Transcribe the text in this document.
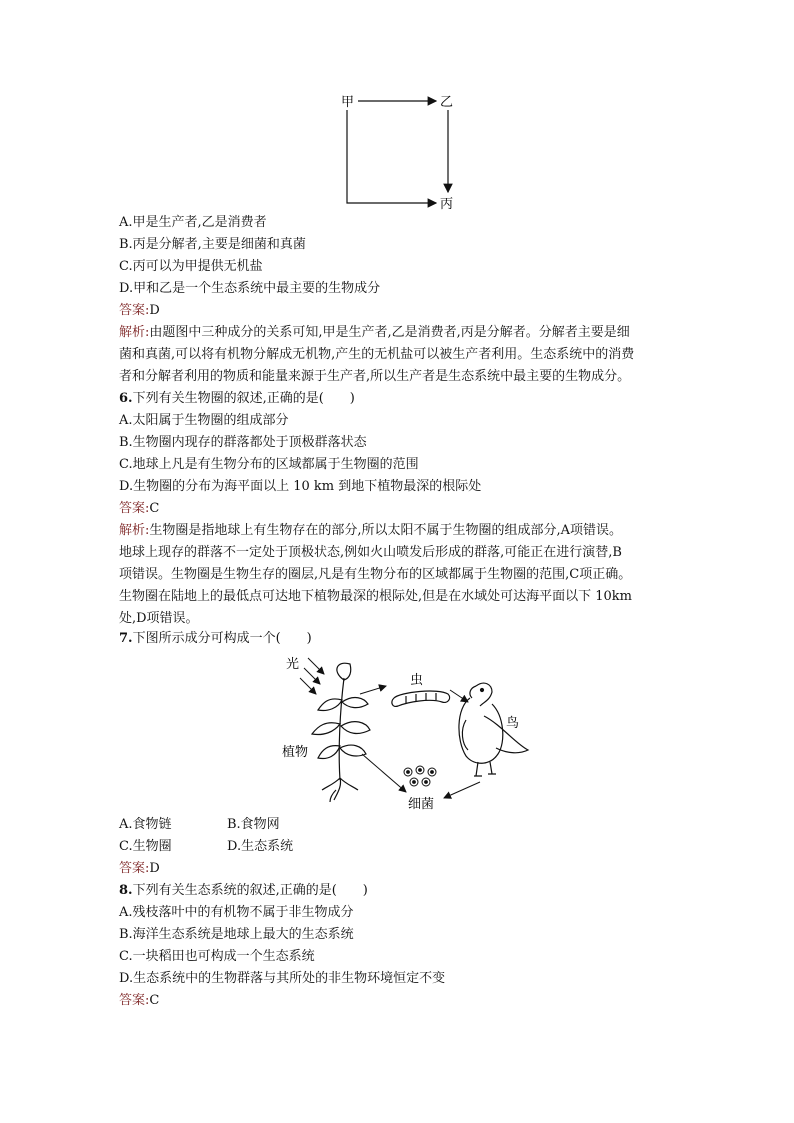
甲	乙
丙
A.甲是生产者,乙是消费者
B.丙是分解者,主要是细菌和真菌
C.丙可以为甲提供无机盐
D.甲和乙是一个生态系统中最主要的生物成分
答案:D
解析:由题图中三种成分的关系可知,甲是生产者,乙是消费者,丙是分解者。分解者主要是细
菌和真菌,可以将有机物分解成无机物,产生的无机盐可以被生产者利用。生态系统中的消费
者和分解者利用的物质和能量来源于生产者,所以生产者是生态系统中最主要的生物成分。
6.下列有关生物圈的叙述,正确的是(　　)
A.太阳属于生物圈的组成部分
B.生物圈内现存的群落都处于顶极群落状态
C.地球上凡是有生物分布的区域都属于生物圈的范围
D.生物圈的分布为海平面以上 10 km 到地下植物最深的根际处
答案:C
解析:生物圈是指地球上有生物存在的部分,所以太阳不属于生物圈的组成部分,A项错误。
地球上现存的群落不一定处于顶极状态,例如火山喷发后形成的群落,可能正在进行演替,B
项错误。生物圈是生物生存的圈层,凡是有生物分布的区域都属于生物圈的范围,C项正确。
生物圈在陆地上的最低点可达地下植物最深的根际处,但是在水域处可达海平面以下 10km
处,D项错误。
7.下图所示成分可构成一个(　　)
光
虫
鸟
植物
细菌
A.食物链	B.食物网
C.生物圈	D.生态系统
答案:D
8.下列有关生态系统的叙述,正确的是(　　)
A.残枝落叶中的有机物不属于非生物成分
B.海洋生态系统是地球上最大的生态系统
C.一块稻田也可构成一个生态系统
D.生态系统中的生物群落与其所处的非生物环境恒定不变
答案:C
